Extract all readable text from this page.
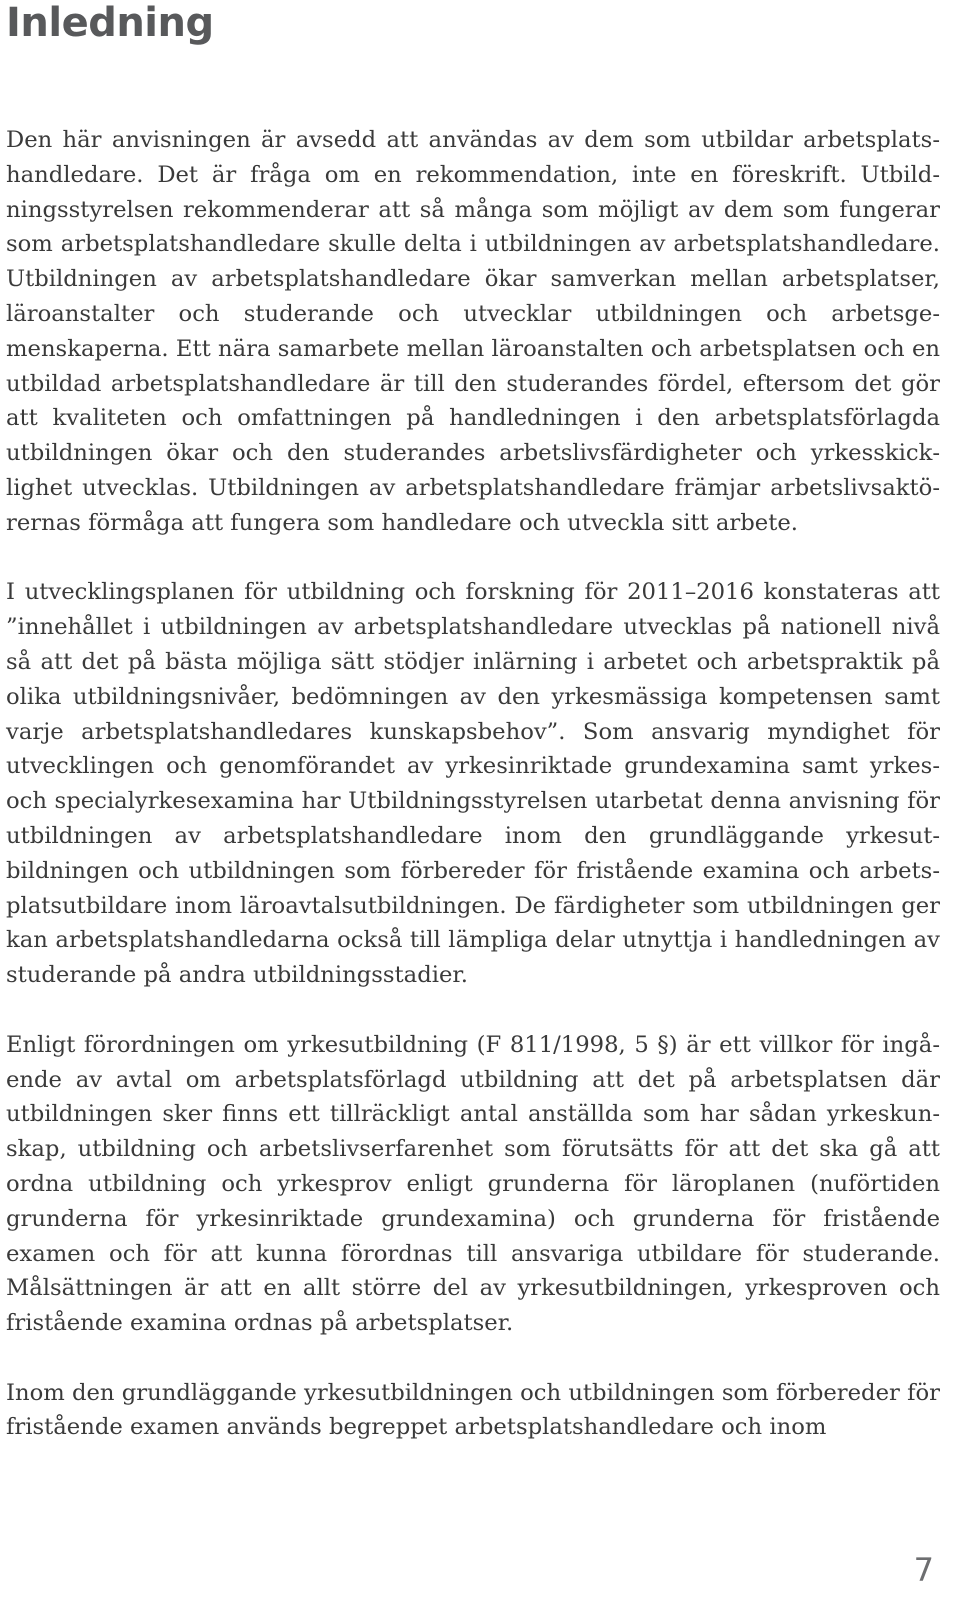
Inledning

Den här anvisningen är avsedd att användas av dem som utbildar arbetsplatshandledare. Det är fråga om en rekommendation, inte en föreskrift. Utbildningsstyrelsen rekommenderar att så många som möjligt av dem som fungerar som arbetsplatshandledare skulle delta i utbildningen av arbetsplatshandledare. Utbildningen av arbetsplatshandledare ökar samverkan mellan arbetsplatser, läroanstalter och studerande och utvecklar utbildningen och arbetsgemenskaperna. Ett nära samarbete mellan läroanstalten och arbetsplatsen och en utbildad arbetsplatshandledare är till den studerandes fördel, eftersom det gör att kvaliteten och omfattningen på handledningen i den arbetsplatsförlagda utbildningen ökar och den studerandes arbetslivsfärdigheter och yrkesskicklighet utvecklas. Utbildningen av arbetsplatshandledare främjar arbetslivsaktörernas förmåga att fungera som handledare och utveckla sitt arbete.

I utvecklingsplanen för utbildning och forskning för 2011–2016 konstateras att ”innehållet i utbildningen av arbetsplatshandledare utvecklas på nationell nivå så att det på bästa möjliga sätt stödjer inlärning i arbetet och arbetspraktik på olika utbildningsnivåer, bedömningen av den yrkesmässiga kompetensen samt varje arbetsplatshandledares kunskapsbehov”. Som ansvarig myndighet för utvecklingen och genomförandet av yrkesinriktade grundexamina samt yrkes- och specialyrkesexamina har Utbildningsstyrelsen utarbetat denna anvisning för utbildningen av arbetsplatshandledare inom den grundläggande yrkesutbildningen och utbildningen som förbereder för fristående examina och arbetsplatsutbildare inom läroavtalsutbildningen. De färdigheter som utbildningen ger kan arbetsplatshandledarna också till lämpliga delar utnyttja i handledningen av studerande på andra utbildningsstadier.

Enligt förordningen om yrkesutbildning (F 811/1998, 5 §) är ett villkor för ingående av avtal om arbetsplatsförlagd utbildning att det på arbetsplatsen där utbildningen sker finns ett tillräckligt antal anställda som har sådan yrkeskunskap, utbildning och arbetslivserfarenhet som förutsätts för att det ska gå att ordna utbildning och yrkesprov enligt grunderna för läroplanen (nuförtiden grunderna för yrkesinriktade grundexamina) och grunderna för fristående examen och för att kunna förordnas till ansvariga utbildare för studerande. Målsättningen är att en allt större del av yrkesutbildningen, yrkesproven och fristående examina ordnas på arbetsplatser.

Inom den grundläggande yrkesutbildningen och utbildningen som förbereder för fristående examen används begreppet arbetsplatshandledare och inom

7
